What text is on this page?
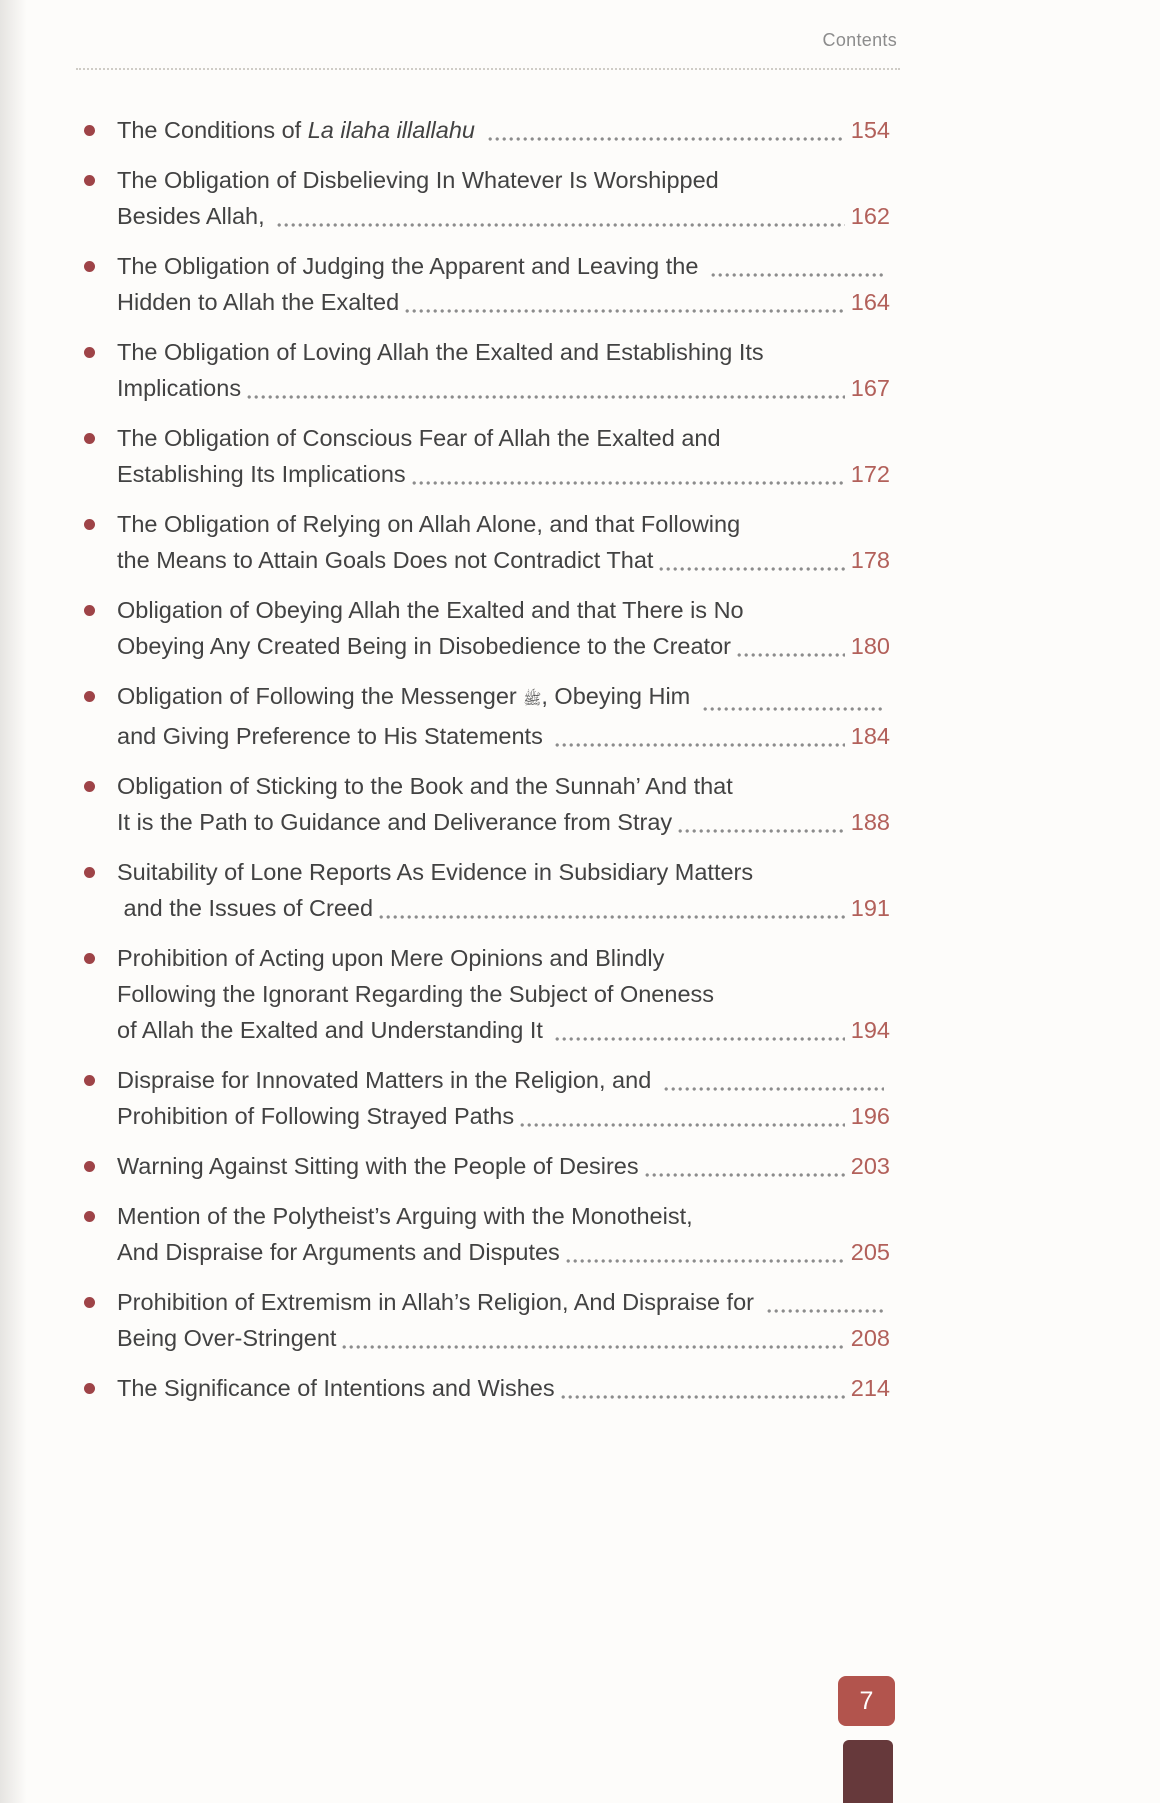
Contents
The Conditions of La ilaha illallahu	154
The Obligation of Disbelieving In Whatever Is Worshipped
Besides Allah,	162
The Obligation of Judging the Apparent and Leaving the
Hidden to Allah the Exalted	164
The Obligation of Loving Allah the Exalted and Establishing Its
Implications	167
The Obligation of Conscious Fear of Allah the Exalted and
Establishing Its Implications	172
The Obligation of Relying on Allah Alone, and that Following
the Means to Attain Goals Does not Contradict That	178
Obligation of Obeying Allah the Exalted and that There is No
Obeying Any Created Being in Disobedience to the Creator	180
Obligation of Following the Messenger ﷺ, Obeying Him
and Giving Preference to His Statements	184
Obligation of Sticking to the Book and the Sunnah’ And that
It is the Path to Guidance and Deliverance from Stray	188
Suitability of Lone Reports As Evidence in Subsidiary Matters
and the Issues of Creed	191
Prohibition of Acting upon Mere Opinions and Blindly
Following the Ignorant Regarding the Subject of Oneness
of Allah the Exalted and Understanding It	194
Dispraise for Innovated Matters in the Religion, and
Prohibition of Following Strayed Paths	196
Warning Against Sitting with the People of Desires	203
Mention of the Polytheist’s Arguing with the Monotheist,
And Dispraise for Arguments and Disputes	205
Prohibition of Extremism in Allah’s Religion, And Dispraise for
Being Over-Stringent	208
The Significance of Intentions and Wishes	214
7
